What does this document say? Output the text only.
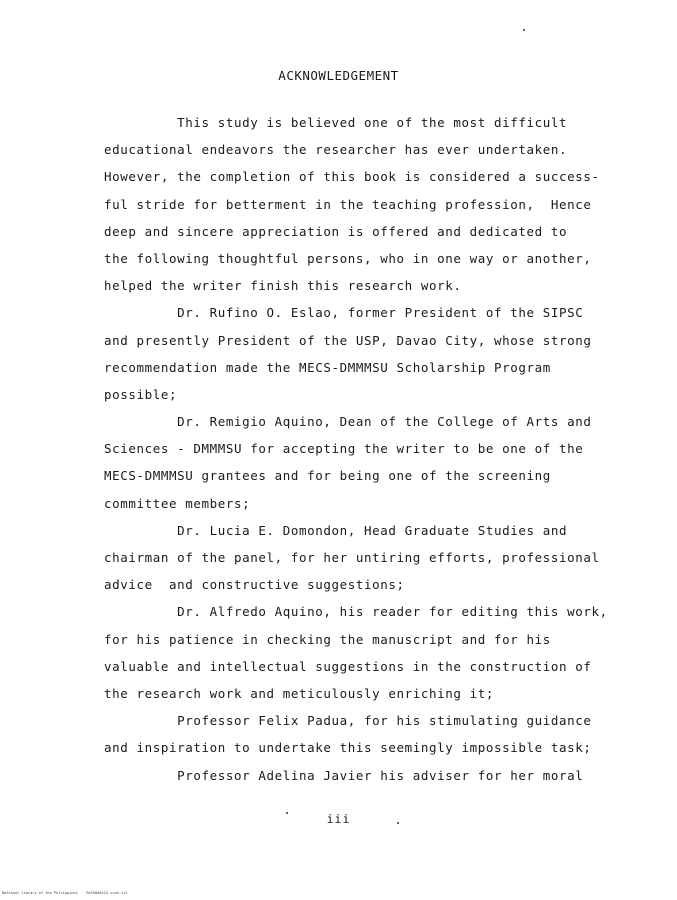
ACKNOWLEDGEMENT
This study is believed one of the most difficult
educational endeavors the researcher has ever undertaken.
However, the completion of this book is considered a success-
ful stride for betterment in the teaching profession,  Hence
deep and sincere appreciation is offered and dedicated to
the following thoughtful persons, who in one way or another,
helped the writer finish this research work.
Dr. Rufino O. Eslao, former President of the SIPSC
and presently President of the USP, Davao City, whose strong
recommendation made the MECS-DMMMSU Scholarship Program
possible;
Dr. Remigio Aquino, Dean of the College of Arts and
Sciences - DMMMSU for accepting the writer to be one of the
MECS-DMMMSU grantees and for being one of the screening
committee members;
Dr. Lucia E. Domondon, Head Graduate Studies and
chairman of the panel, for her untiring efforts, professional
advice  and constructive suggestions;
Dr. Alfredo Aquino, his reader for editing this work,
for his patience in checking the manuscript and for his
valuable and intellectual suggestions in the construction of
the research work and meticulously enriching it;
Professor Felix Padua, for his stimulating guidance
and inspiration to undertake this seemingly impossible task;
Professor Adelina Javier his adviser for her moral
iii
National Library of the Philippines    RGF0000123 scan iii
